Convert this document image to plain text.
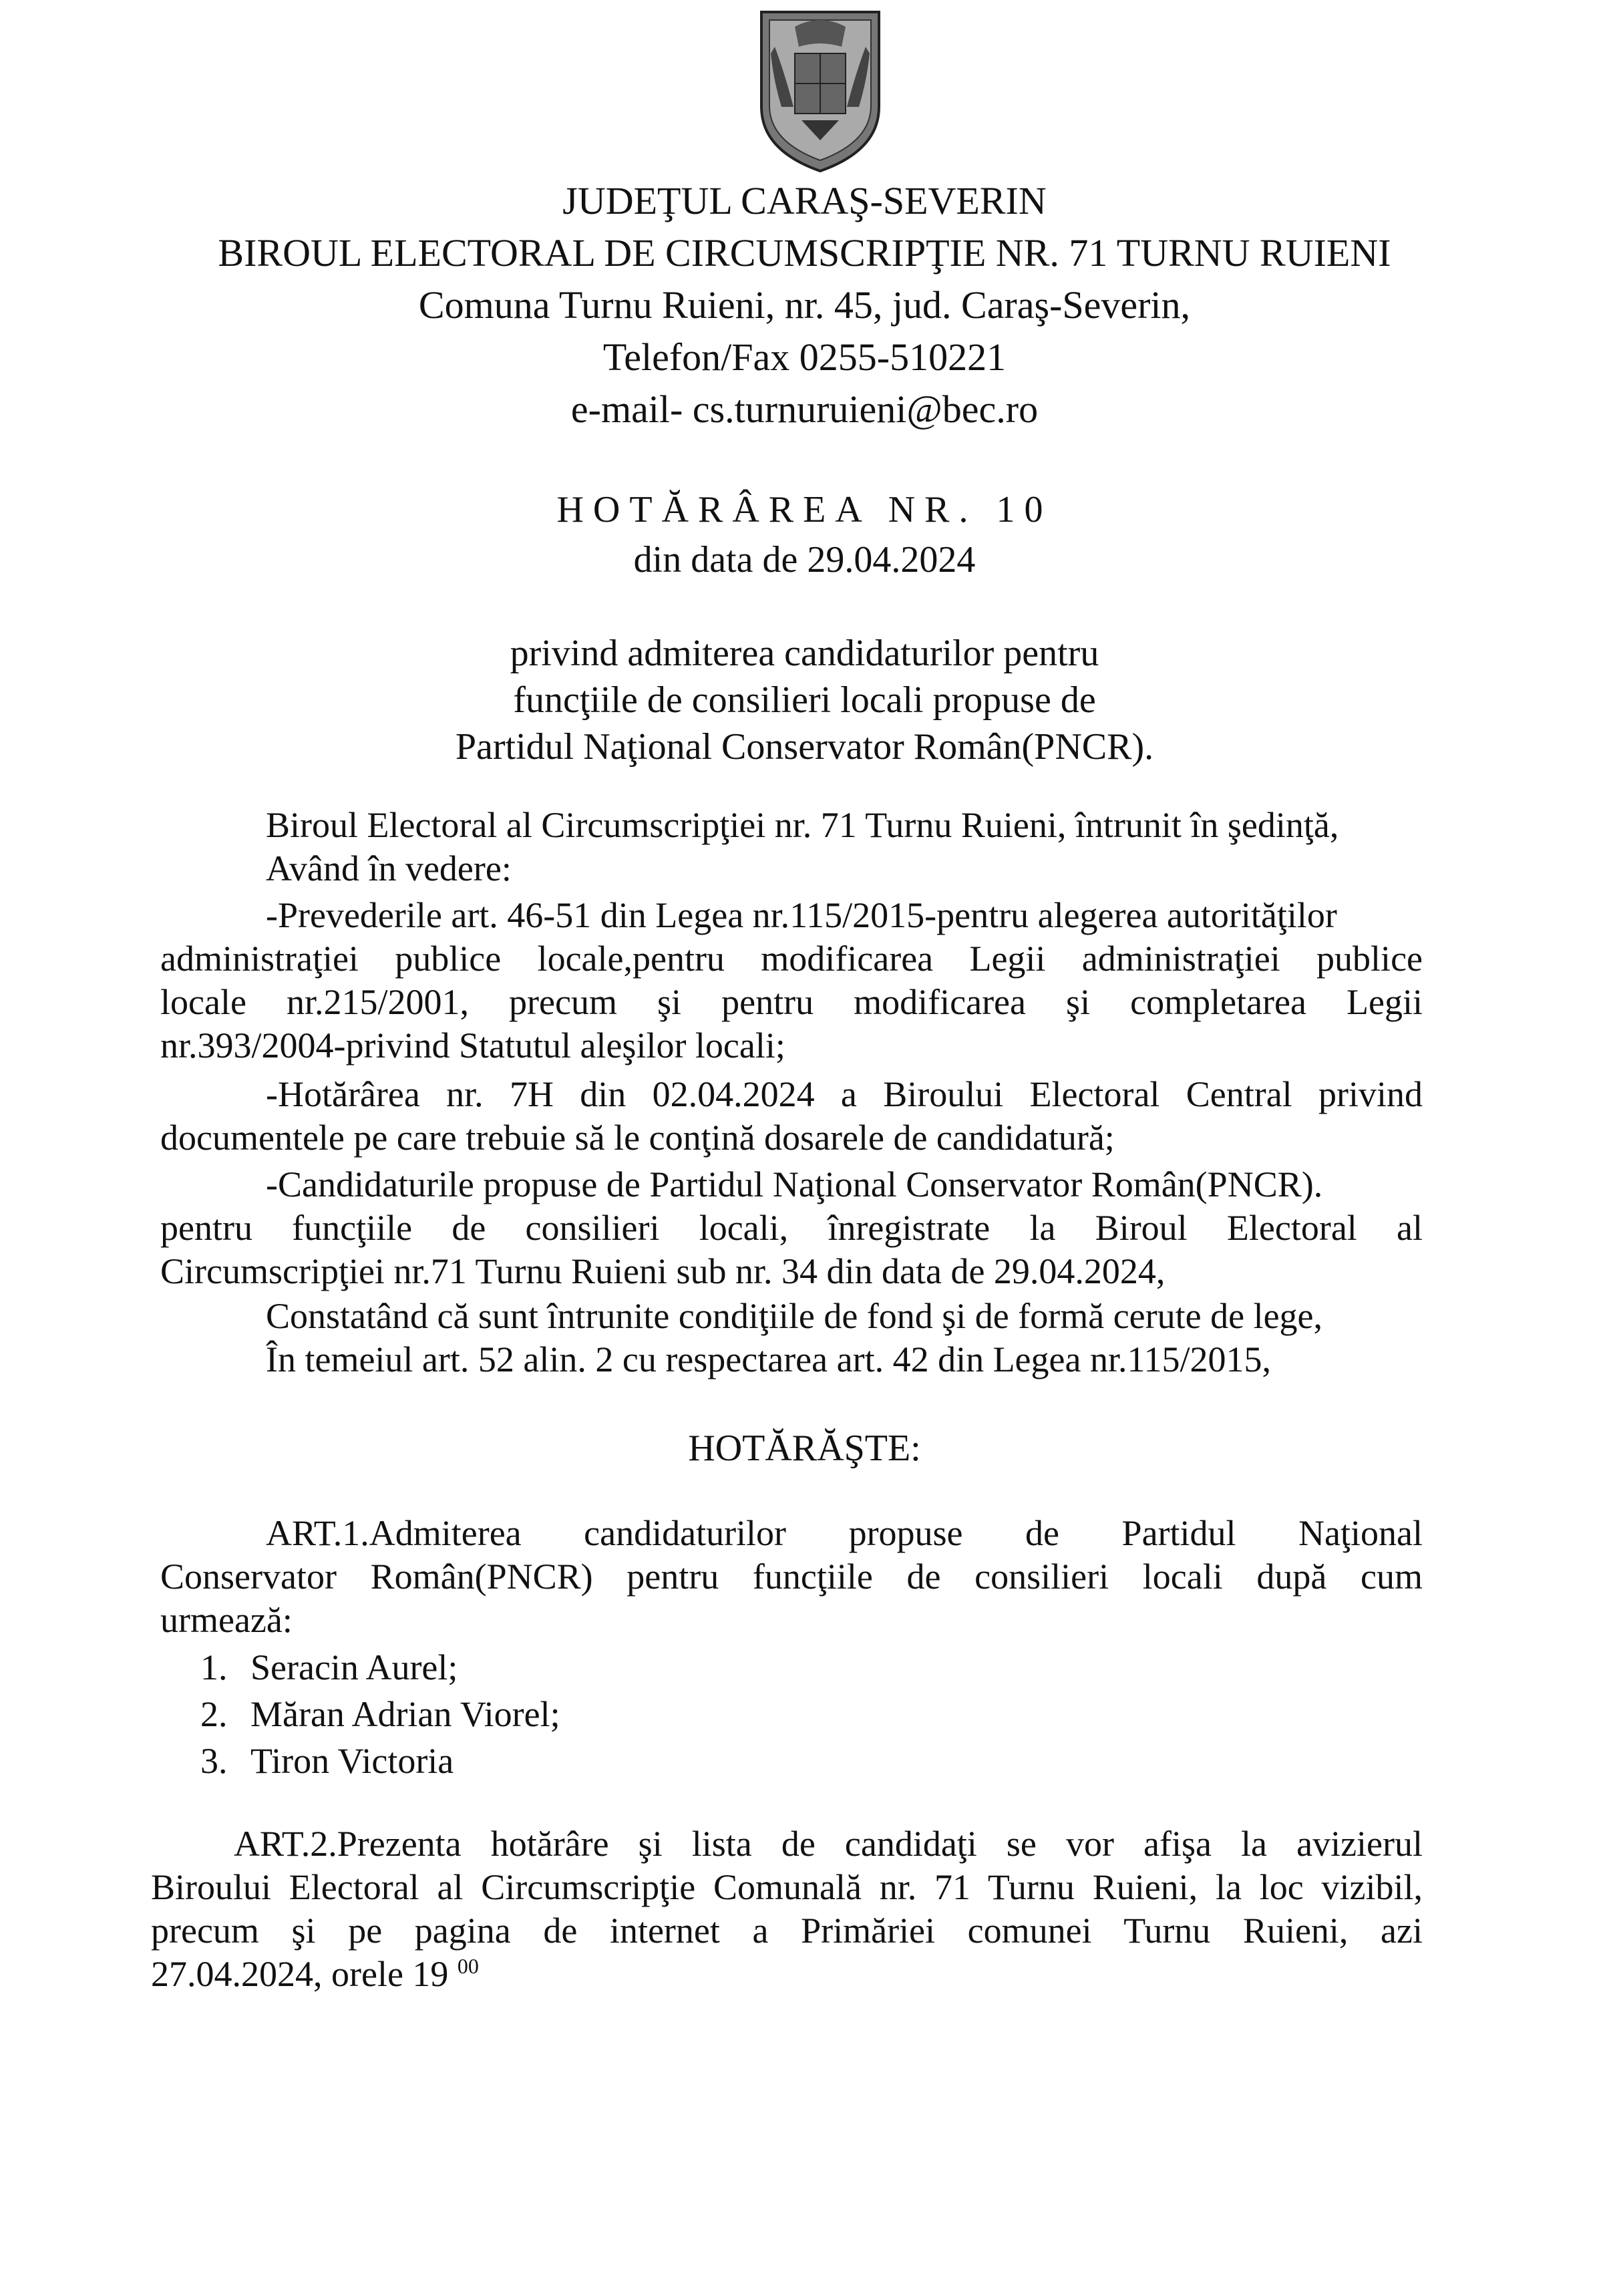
JUDEŢUL CARAŞ-SEVERIN
BIROUL ELECTORAL DE CIRCUMSCRIPŢIE NR. 71 TURNU RUIENI
Comuna Turnu Ruieni, nr. 45, jud. Caraş-Severin,
Telefon/Fax 0255-510221
e-mail- cs.turnuruieni@bec.ro
HOTĂRÂREA NR. 10
din data de 29.04.2024
privind admiterea candidaturilor pentru
funcţiile de consilieri locali propuse de
Partidul Naţional Conservator Român(PNCR).
Biroul Electoral al Circumscripţiei nr. 71 Turnu Ruieni, întrunit în şedinţă,
Având în vedere:
-Prevederile art. 46-51 din Legea nr.115/2015-pentru alegerea autorităţilor
administraţiei publice locale,pentru modificarea Legii administraţiei publice
locale nr.215/2001, precum şi pentru modificarea şi completarea Legii
nr.393/2004-privind Statutul aleşilor locali;
-Hotărârea nr. 7H din 02.04.2024 a Biroului Electoral Central privind
documentele pe care trebuie să le conţină dosarele de candidatură;
-Candidaturile propuse de Partidul Naţional Conservator Român(PNCR).
pentru funcţiile de consilieri locali, înregistrate la Biroul Electoral al
Circumscripţiei nr.71 Turnu Ruieni sub nr. 34 din data de 29.04.2024,
Constatând că sunt întrunite condiţiile de fond şi de formă cerute de lege,
În temeiul art. 52 alin. 2 cu respectarea art. 42 din Legea nr.115/2015,
HOTĂRĂŞTE:
ART.1.Admiterea candidaturilor propuse de Partidul Naţional
Conservator Român(PNCR) pentru funcţiile de consilieri locali după cum
urmează:
1. Seracin Aurel;
2. Măran Adrian Viorel;
3. Tiron Victoria
ART.2.Prezenta hotărâre şi lista de candidaţi se vor afişa la avizierul
Biroului Electoral al Circumscripţie Comunală nr. 71 Turnu Ruieni, la loc vizibil,
precum şi pe pagina de internet a Primăriei comunei Turnu Ruieni, azi
27.04.2024, orele 19 $^{00}$
